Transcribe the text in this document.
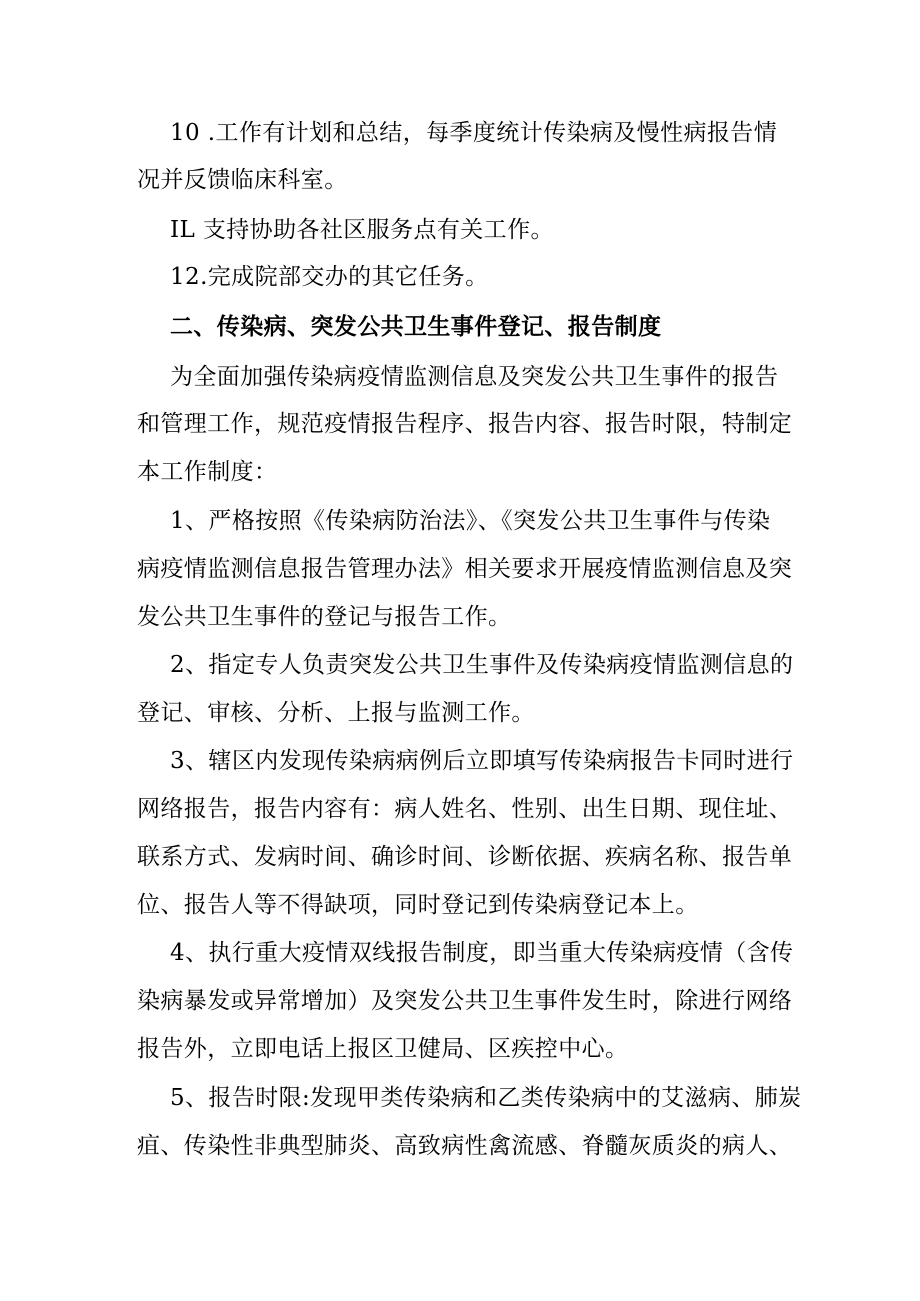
10 .工作有计划和总结，每季度统计传染病及慢性病报告情
况并反馈临床科室。
IL 支持协助各社区服务点有关工作。
12.完成院部交办的其它任务。
二、传染病、突发公共卫生事件登记、报告制度
为全面加强传染病疫情监测信息及突发公共卫生事件的报告
和管理工作，规范疫情报告程序、报告内容、报告时限，特制定
本工作制度：
1、严格按照《传染病防治法》、《突发公共卫生事件与传染
病疫情监测信息报告管理办法》相关要求开展疫情监测信息及突
发公共卫生事件的登记与报告工作。
2、指定专人负责突发公共卫生事件及传染病疫情监测信息的
登记、审核、分析、上报与监测工作。
3、辖区内发现传染病病例后立即填写传染病报告卡同时进行
网络报告，报告内容有：病人姓名、性别、出生日期、现住址、
联系方式、发病时间、确诊时间、诊断依据、疾病名称、报告单
位、报告人等不得缺项，同时登记到传染病登记本上。
4、执行重大疫情双线报告制度，即当重大传染病疫情（含传
染病暴发或异常增加）及突发公共卫生事件发生时，除进行网络
报告外，立即电话上报区卫健局、区疾控中心。
5、报告时限:发现甲类传染病和乙类传染病中的艾滋病、肺炭
疽、传染性非典型肺炎、高致病性禽流感、脊髓灰质炎的病人、
